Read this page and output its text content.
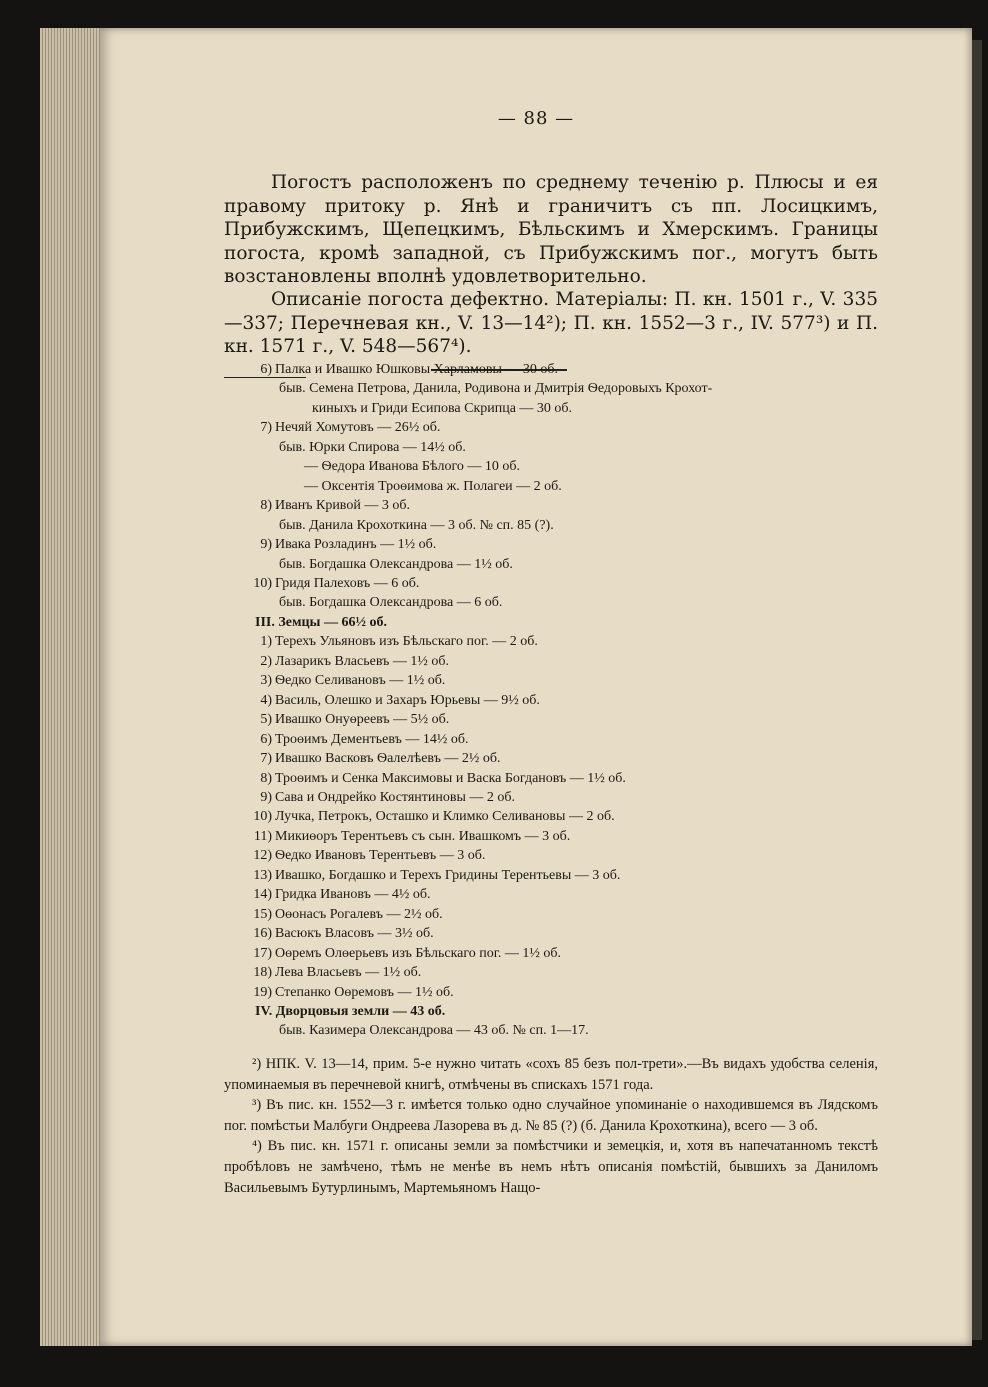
— 88 —
Погостъ расположенъ по среднему теченію р. Плюсы и ея правому притоку р. Янѣ и граничитъ съ пп. Лосицкимъ, Прибужскимъ, Щепецкимъ, Бѣльскимъ и Хмерскимъ. Границы погоста, кромѣ западной, съ Прибужскимъ пог., могутъ быть возстановлены вполнѣ удовлетворительно.
Описаніе погоста дефектно. Матеріалы: П. кн. 1501 г., V. 335—337; Перечневая кн., V. 13—14²); П. кн. 1552—3 г., IV. 577³) и П. кн. 1571 г., V. 548—567⁴).
6) Палка и Ивашко Юшковы Харламовы — 30 об.
быв. Семена Петрова, Данила, Родивона и Дмитрія Ѳедоровыхъ Крохот-
киныхъ и Гриди Есипова Скрипца — 30 об.
7) Нечяй Хомутовъ — 26½ об.
быв. Юрки Спирова — 14½ об.
— Ѳедора Иванова Бѣлого — 10 об.
— Оксентія Троѳимова ж. Полагеи — 2 об.
8) Иванъ Кривой — 3 об.
быв. Данила Крохоткина — 3 об. № сп. 85 (?).
9) Ивака Розладинъ — 1½ об.
быв. Богдашка Олександрова — 1½ об.
10) Гридя Палеховъ — 6 об.
быв. Богдашка Олександрова — 6 об.
III. Земцы — 66½ об.
1) Терехъ Ульяновъ изъ Бѣльскаго пог. — 2 об.
2) Лазарикъ Власьевъ — 1½ об.
3) Ѳедко Селивановъ — 1½ об.
4) Василь, Олешко и Захаръ Юрьевы — 9½ об.
5) Ивашко Онуѳреевъ — 5½ об.
6) Троѳимъ Дементьевъ — 14½ об.
7) Ивашко Васковъ Ѳалелѣевъ — 2½ об.
8) Троѳимъ и Сенка Максимовы и Васка Богдановъ — 1½ об.
9) Сава и Ондрейко Костянтиновы — 2 об.
10) Лучка, Петрокъ, Осташко и Климко Селивановы — 2 об.
11) Микиѳоръ Терентьевъ съ сын. Ивашкомъ — 3 об.
12) Ѳедко Ивановъ Терентьевъ — 3 об.
13) Ивашко, Богдашко и Терехъ Гридины Терентьевы — 3 об.
14) Гридка Ивановъ — 4½ об.
15) Оѳонасъ Рогалевъ — 2½ об.
16) Васюкъ Власовъ — 3½ об.
17) Оѳремъ Олѳерьевъ изъ Бѣльскаго пог. — 1½ об.
18) Лева Власьевъ — 1½ об.
19) Степанко Оѳремовъ — 1½ об.
IV. Дворцовыя земли — 43 об.
быв. Казимера Олександрова — 43 об. № сп. 1—17.

²) НПК. V. 13—14, прим. 5-е нужно читать «сохъ 85 безъ пол-трети».—Въ видахъ удобства селенія, упоминаемыя въ перечневой книгѣ, отмѣчены въ спискахъ 1571 года.

³) Въ пис. кн. 1552—3 г. имѣется только одно случайное упоминаніе о находившемся въ Лядскомъ пог. помѣстьи Малбуги Ондреева Лазорева въ д. № 85 (?) (б. Данила Крохоткина), всего — 3 об.

⁴) Въ пис. кн. 1571 г. описаны земли за помѣстчики и земецкія, и, хотя въ напечатанномъ текстѣ пробѣловъ не замѣчено, тѣмъ не менѣе въ немъ нѣтъ описанія помѣстій, бывшихъ за Даниломъ Васильевымъ Бутурлинымъ, Мартемьяномъ Нащо-
